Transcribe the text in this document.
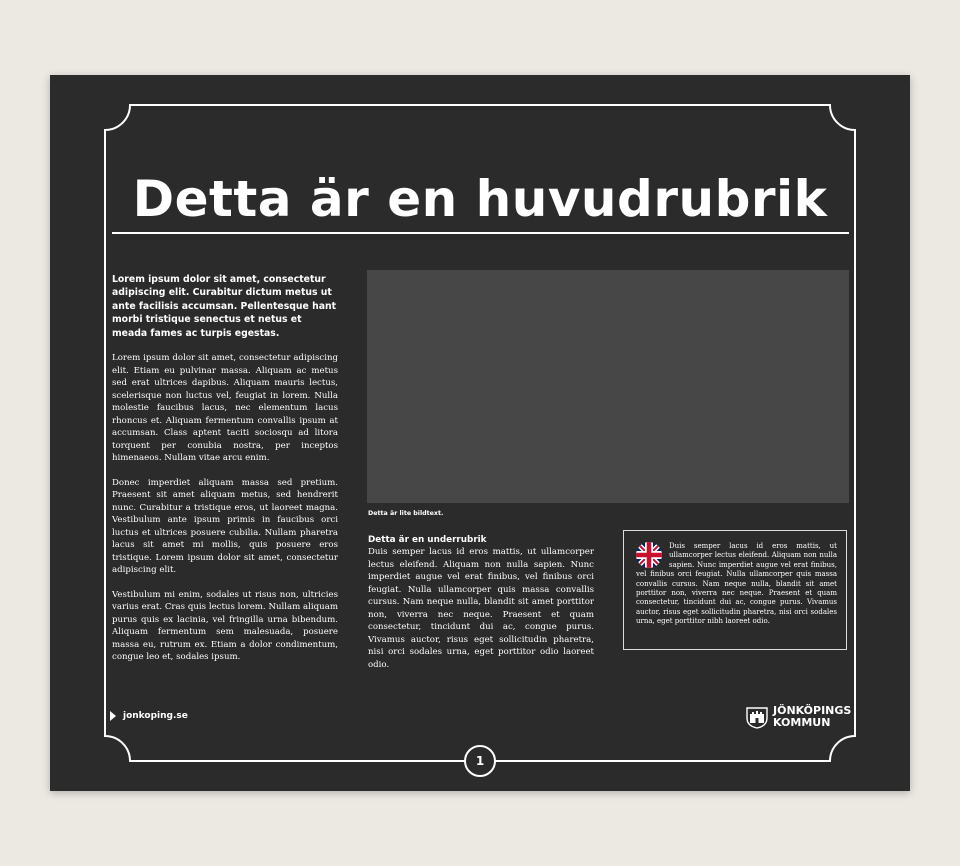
Detta är en huvudrubrik

Lorem ipsum dolor sit amet, consectetur adipiscing elit. Curabitur dictum metus ut ante facilisis accumsan. Pellentesque hant morbi tristique senectus et netus et meada fames ac turpis egestas.

Lorem ipsum dolor sit amet, consectetur adipiscing elit. Etiam eu pulvinar massa. Aliquam ac metus sed erat ultrices dapibus. Aliquam mauris lectus, scelerisque non luctus vel, feugiat in lorem. Nulla molestie faucibus lacus, nec elementum lacus rhoncus et. Aliquam fermentum convallis ipsum at accumsan. Class aptent taciti sociosqu ad litora torquent per conubia nostra, per inceptos himenaeos. Nullam vitae arcu enim.

Donec imperdiet aliquam massa sed pretium. Praesent sit amet aliquam metus, sed hendrerit nunc. Curabitur a tristique eros, ut laoreet magna. Vestibulum ante ipsum primis in faucibus orci luctus et ultrices posuere cubilia. Nullam pharetra lacus sit amet mi mollis, quis posuere eros tristique. Lorem ipsum dolor sit amet, consectetur adipiscing elit.

Vestibulum mi enim, sodales ut risus non, ultricies varius erat. Cras quis lectus lorem. Nullam aliquam purus quis ex lacinia, vel fringilla urna bibendum. Aliquam fermentum sem malesuada, posuere massa eu, rutrum ex. Etiam a dolor condimentum, congue leo et, sodales ipsum.

Detta är lite bildtext.

Detta är en underrubrik

Duis semper lacus id eros mattis, ut ullamcorper lectus eleifend. Aliquam non nulla sapien. Nunc imperdiet augue vel erat finibus, vel finibus orci feugiat. Nulla ullamcorper quis massa convallis cursus. Nam neque nulla, blandit sit amet porttitor non, viverra nec neque. Praesent et quam consectetur, tincidunt dui ac, congue purus. Vivamus auctor, risus eget sollicitudin pharetra, nisi orci sodales urna, eget porttitor odio laoreet odio.

Duis semper lacus id eros mattis, ut ullamcorper lectus eleifend. Aliquam non nulla sapien. Nunc imperdiet augue vel erat finibus, vel finibus orci feugiat. Nulla ullamcorper quis massa convallis cursus. Nam neque nulla, blandit sit amet porttitor non, viverra nec neque. Praesent et quam consectetur, tincidunt dui ac, congue purus. Vivamus auctor, risus eget sollicitudin pharetra, nisi orci sodales urna, eget porttitor nibh laoreet odio.

jonkoping.se	JÖNKÖPINGS
KOMMUN
1
